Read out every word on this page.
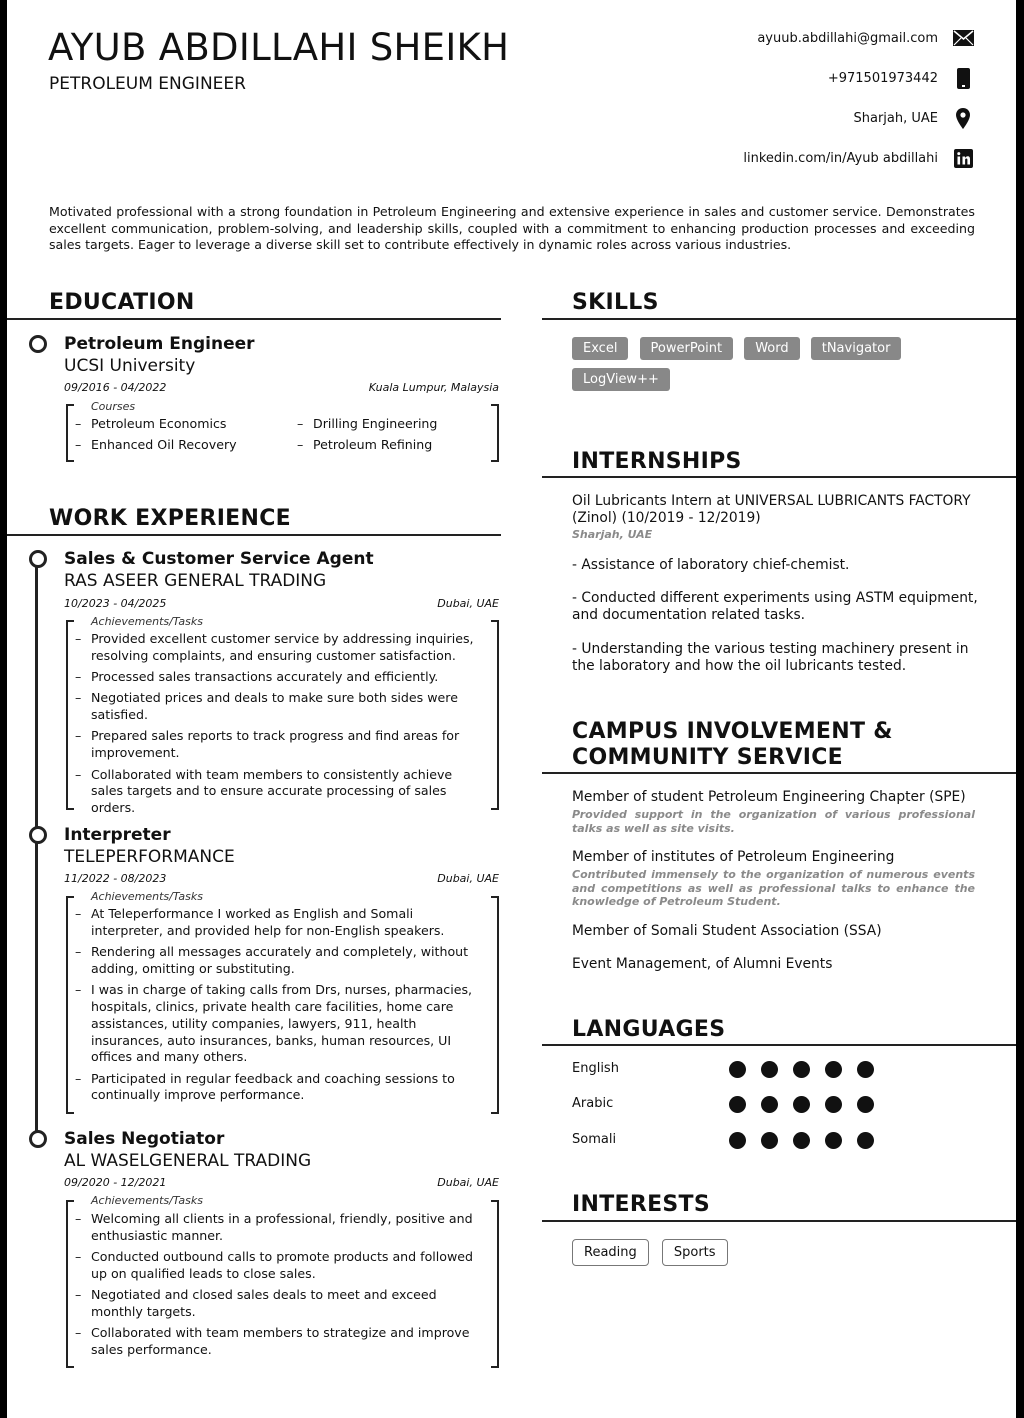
AYUB ABDILLAHI SHEIKH
PETROLEUM ENGINEER
ayuub.abdillahi@gmail.com
+971501973442
Sharjah, UAE
linkedin.com/in/Ayub abdillahi
Motivated professional with a strong foundation in Petroleum Engineering and extensive experience in sales and customer service. Demonstrates excellent communication, problem-solving, and leadership skills, coupled with a commitment to enhancing production processes and exceeding sales targets. Eager to leverage a diverse skill set to contribute effectively in dynamic roles across various industries.
EDUCATION
Petroleum Engineer
UCSI University
09/2016 - 04/2022	Kuala Lumpur, Malaysia
Courses
– Petroleum Economics
– Enhanced Oil Recovery
– Drilling Engineering
– Petroleum Refining
WORK EXPERIENCE
Sales & Customer Service Agent
RAS ASEER GENERAL TRADING
10/2023 - 04/2025	Dubai, UAE
Achievements/Tasks
– Provided excellent customer service by addressing inquiries, resolving complaints, and ensuring customer satisfaction.
– Processed sales transactions accurately and efficiently.
– Negotiated prices and deals to make sure both sides were satisfied.
– Prepared sales reports to track progress and find areas for improvement.
– Collaborated with team members to consistently achieve sales targets and to ensure accurate processing of sales orders.
Interpreter
TELEPERFORMANCE
11/2022 - 08/2023	Dubai, UAE
Achievements/Tasks
– At Teleperformance I worked as English and Somali interpreter, and provided help for non-English speakers.
– Rendering all messages accurately and completely, without adding, omitting or substituting.
– I was in charge of taking calls from Drs, nurses, pharmacies, hospitals, clinics, private health care facilities, home care assistances, utility companies, lawyers, 911, health insurances, auto insurances, banks, human resources, UI offices and many others.
– Participated in regular feedback and coaching sessions to continually improve performance.
Sales Negotiator
AL WASELGENERAL TRADING
09/2020 - 12/2021	Dubai, UAE
Achievements/Tasks
– Welcoming all clients in a professional, friendly, positive and enthusiastic manner.
– Conducted outbound calls to promote products and followed up on qualified leads to close sales.
– Negotiated and closed sales deals to meet and exceed monthly targets.
– Collaborated with team members to strategize and improve sales performance.
SKILLS
Excel	PowerPoint	Word	tNavigator LogView++
INTERNSHIPS
Oil Lubricants Intern at UNIVERSAL LUBRICANTS FACTORY (Zinol) (10/2019 - 12/2019)
Sharjah, UAE
- Assistance of laboratory chief-chemist.
- Conducted different experiments using ASTM equipment, and documentation related tasks.
- Understanding the various testing machinery present in the laboratory and how the oil lubricants tested.
CAMPUS INVOLVEMENT &
COMMUNITY SERVICE
Member of student Petroleum Engineering Chapter (SPE)
Provided support in the organization of various professional talks as well as site visits.
Member of institutes of Petroleum Engineering
Contributed immensely to the organization of numerous events and competitions as well as professional talks to enhance the knowledge of Petroleum Student.
Member of Somali Student Association (SSA)
Event Management, of Alumni Events
LANGUAGES
English
Arabic
Somali
INTERESTS
Reading	Sports
